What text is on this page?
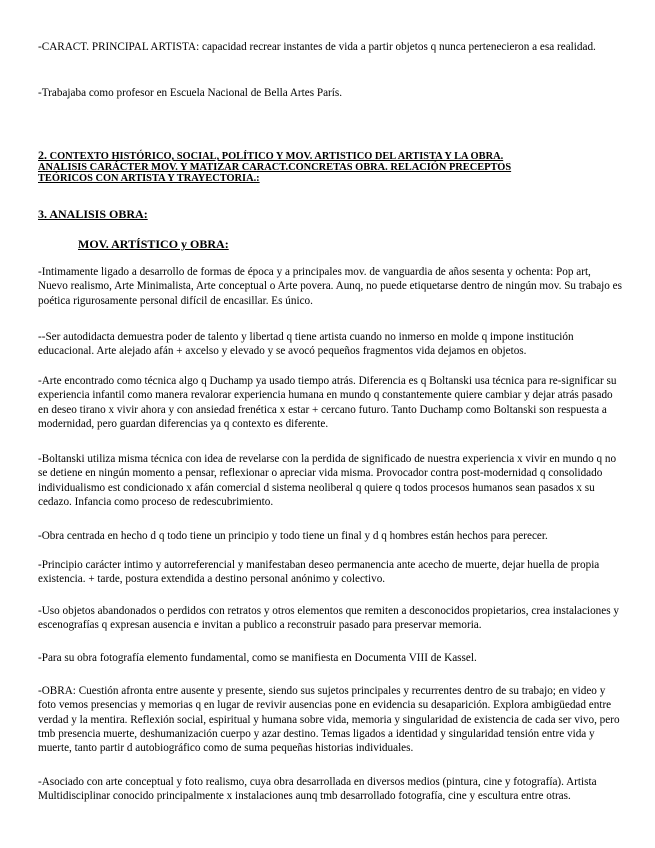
-CARACT. PRINCIPAL ARTISTA: capacidad recrear instantes de vida a partir objetos q nunca pertenecieron a esa realidad.

-Trabajaba como profesor en Escuela Nacional de Bella Artes París.

2. CONTEXTO HISTÓRICO, SOCIAL, POLÍTICO Y MOV. ARTISTICO DEL ARTISTA Y LA OBRA. ANALISIS CARÁCTER MOV. Y MATIZAR CARACT.CONCRETAS OBRA. RELACIÓN PRECEPTOS TEÓRICOS CON ARTISTA Y TRAYECTORIA.:

3. ANALISIS OBRA:

MOV. ARTÍSTICO y OBRA:

-Intimamente ligado a desarrollo de formas de época y a principales mov. de vanguardia de años sesenta y ochenta: Pop art, Nuevo realismo, Arte Minimalista, Arte conceptual o Arte povera. Aunq, no puede etiquetarse dentro de ningún mov. Su trabajo es poética rigurosamente personal difícil de encasillar. Es único.

--Ser autodidacta demuestra poder de talento y libertad q tiene artista cuando no inmerso en molde q impone institución educacional. Arte alejado afán + axcelso y elevado y se avocó pequeños fragmentos vida dejamos en objetos.

-Arte encontrado como técnica algo q Duchamp ya usado tiempo atrás. Diferencia es q Boltanski usa técnica para re-significar su experiencia infantil como manera revalorar experiencia humana en mundo q constantemente quiere cambiar y dejar atrás pasado en deseo tirano x vivir ahora y con ansiedad frenética x estar + cercano futuro. Tanto Duchamp como Boltanski son respuesta a modernidad, pero guardan diferencias ya q contexto es diferente.

-Boltanski utiliza misma técnica con idea de revelarse con la perdida de significado de nuestra experiencia x vivir en mundo q no se detiene en ningún momento a pensar, reflexionar o apreciar vida misma. Provocador contra post-modernidad q consolidado individualismo est condicionado x afán comercial d sistema neoliberal q quiere q todos procesos humanos sean pasados x su cedazo. Infancia como proceso de redescubrimiento.

-Obra centrada en hecho d q todo tiene un principio y todo tiene un final y d q hombres están hechos para perecer.

-Principio carácter intimo y autorreferencial y manifestaban deseo permanencia ante acecho de muerte, dejar huella de propia existencia. + tarde, postura extendida a destino personal anónimo y colectivo.

-Uso objetos abandonados o perdidos con retratos y otros elementos que remiten a desconocidos propietarios, crea instalaciones y escenografías q expresan ausencia e invitan a publico a reconstruir pasado para preservar memoria.

-Para su obra fotografía elemento fundamental, como se manifiesta en Documenta VIII de Kassel.

-OBRA: Cuestión afronta entre ausente y presente, siendo sus sujetos principales y recurrentes dentro de su trabajo; en video y foto vemos presencias y memorias q en lugar de revivir ausencias pone en evidencia su desaparición. Explora ambigüedad entre verdad y la mentira. Reflexión social, espiritual y humana sobre vida, memoria y singularidad de existencia de cada ser vivo, pero tmb presencia muerte, deshumanización cuerpo y azar destino. Temas ligados a identidad y singularidad tensión entre vida y muerte, tanto partir d autobiográfico como de suma pequeñas historias individuales.

-Asociado con arte conceptual y foto realismo, cuya obra desarrollada en diversos medios (pintura, cine y fotografía). Artista Multidisciplinar conocido principalmente x instalaciones aunq tmb desarrollado fotografía, cine y escultura entre otras.
